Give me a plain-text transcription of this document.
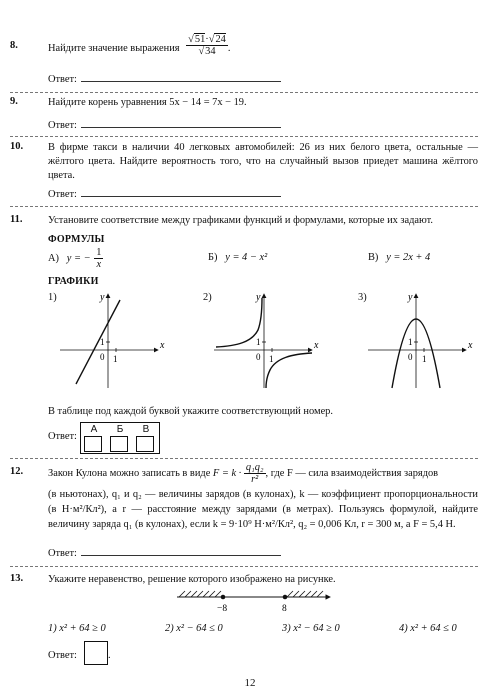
8.	Найдите значение выражения $\frac{√51\cdot√24}{√34}$ .
Ответ:
9.	Найдите корень уравнения 5x − 14 = 7x − 19.
Ответ:
10. В фирме такси в наличии 40 легковых автомобилей: 26 из них белого цвета, остальные — жёлтого цвета. Найдите вероятность того, что на случайный вызов приедет машина жёлтого цвета.
Ответ:
11. Установите соответствие между графиками функций и формулами, которые их задают.
ФОРМУЛЫ
А) y = − $\frac{1}{x}$	Б) y = 4 − x²	В) y = 2x + 4
ГРАФИКИ
1)	2)	3)
x
y
1
1
0
x
y
1
1
0
x
y
1
1
0
В таблице под каждой буквой укажите соответствующий номер.
Ответ:
А	Б	В
12. Закон Кулона можно записать в виде $F = k \cdot \frac{\text{q₁q₂}}{\text{r²}}$ , где F — сила взаимодействия зарядов
(в ньютонах), q₁ и q₂ — величины зарядов (в кулонах), k — коэффициент пропорциональности (в Н·м²/Кл²), а r — расстояние между зарядами (в метрах). Пользуясь формулой, найдите величину заряда q₁ (в кулонах), если k = 9·10⁹ Н·м²/Кл², q₂ = 0,006 Кл, r = 300 м, а F = 5,4 Н.
Ответ:
13. Укажите неравенство, решение которого изображено на рисунке.
−8	8
1) x² + 64 ≥ 0	2) x² − 64 ≤ 0	3) x² − 64 ≥ 0	4) x² + 64 ≤ 0
Ответ:	.
12
